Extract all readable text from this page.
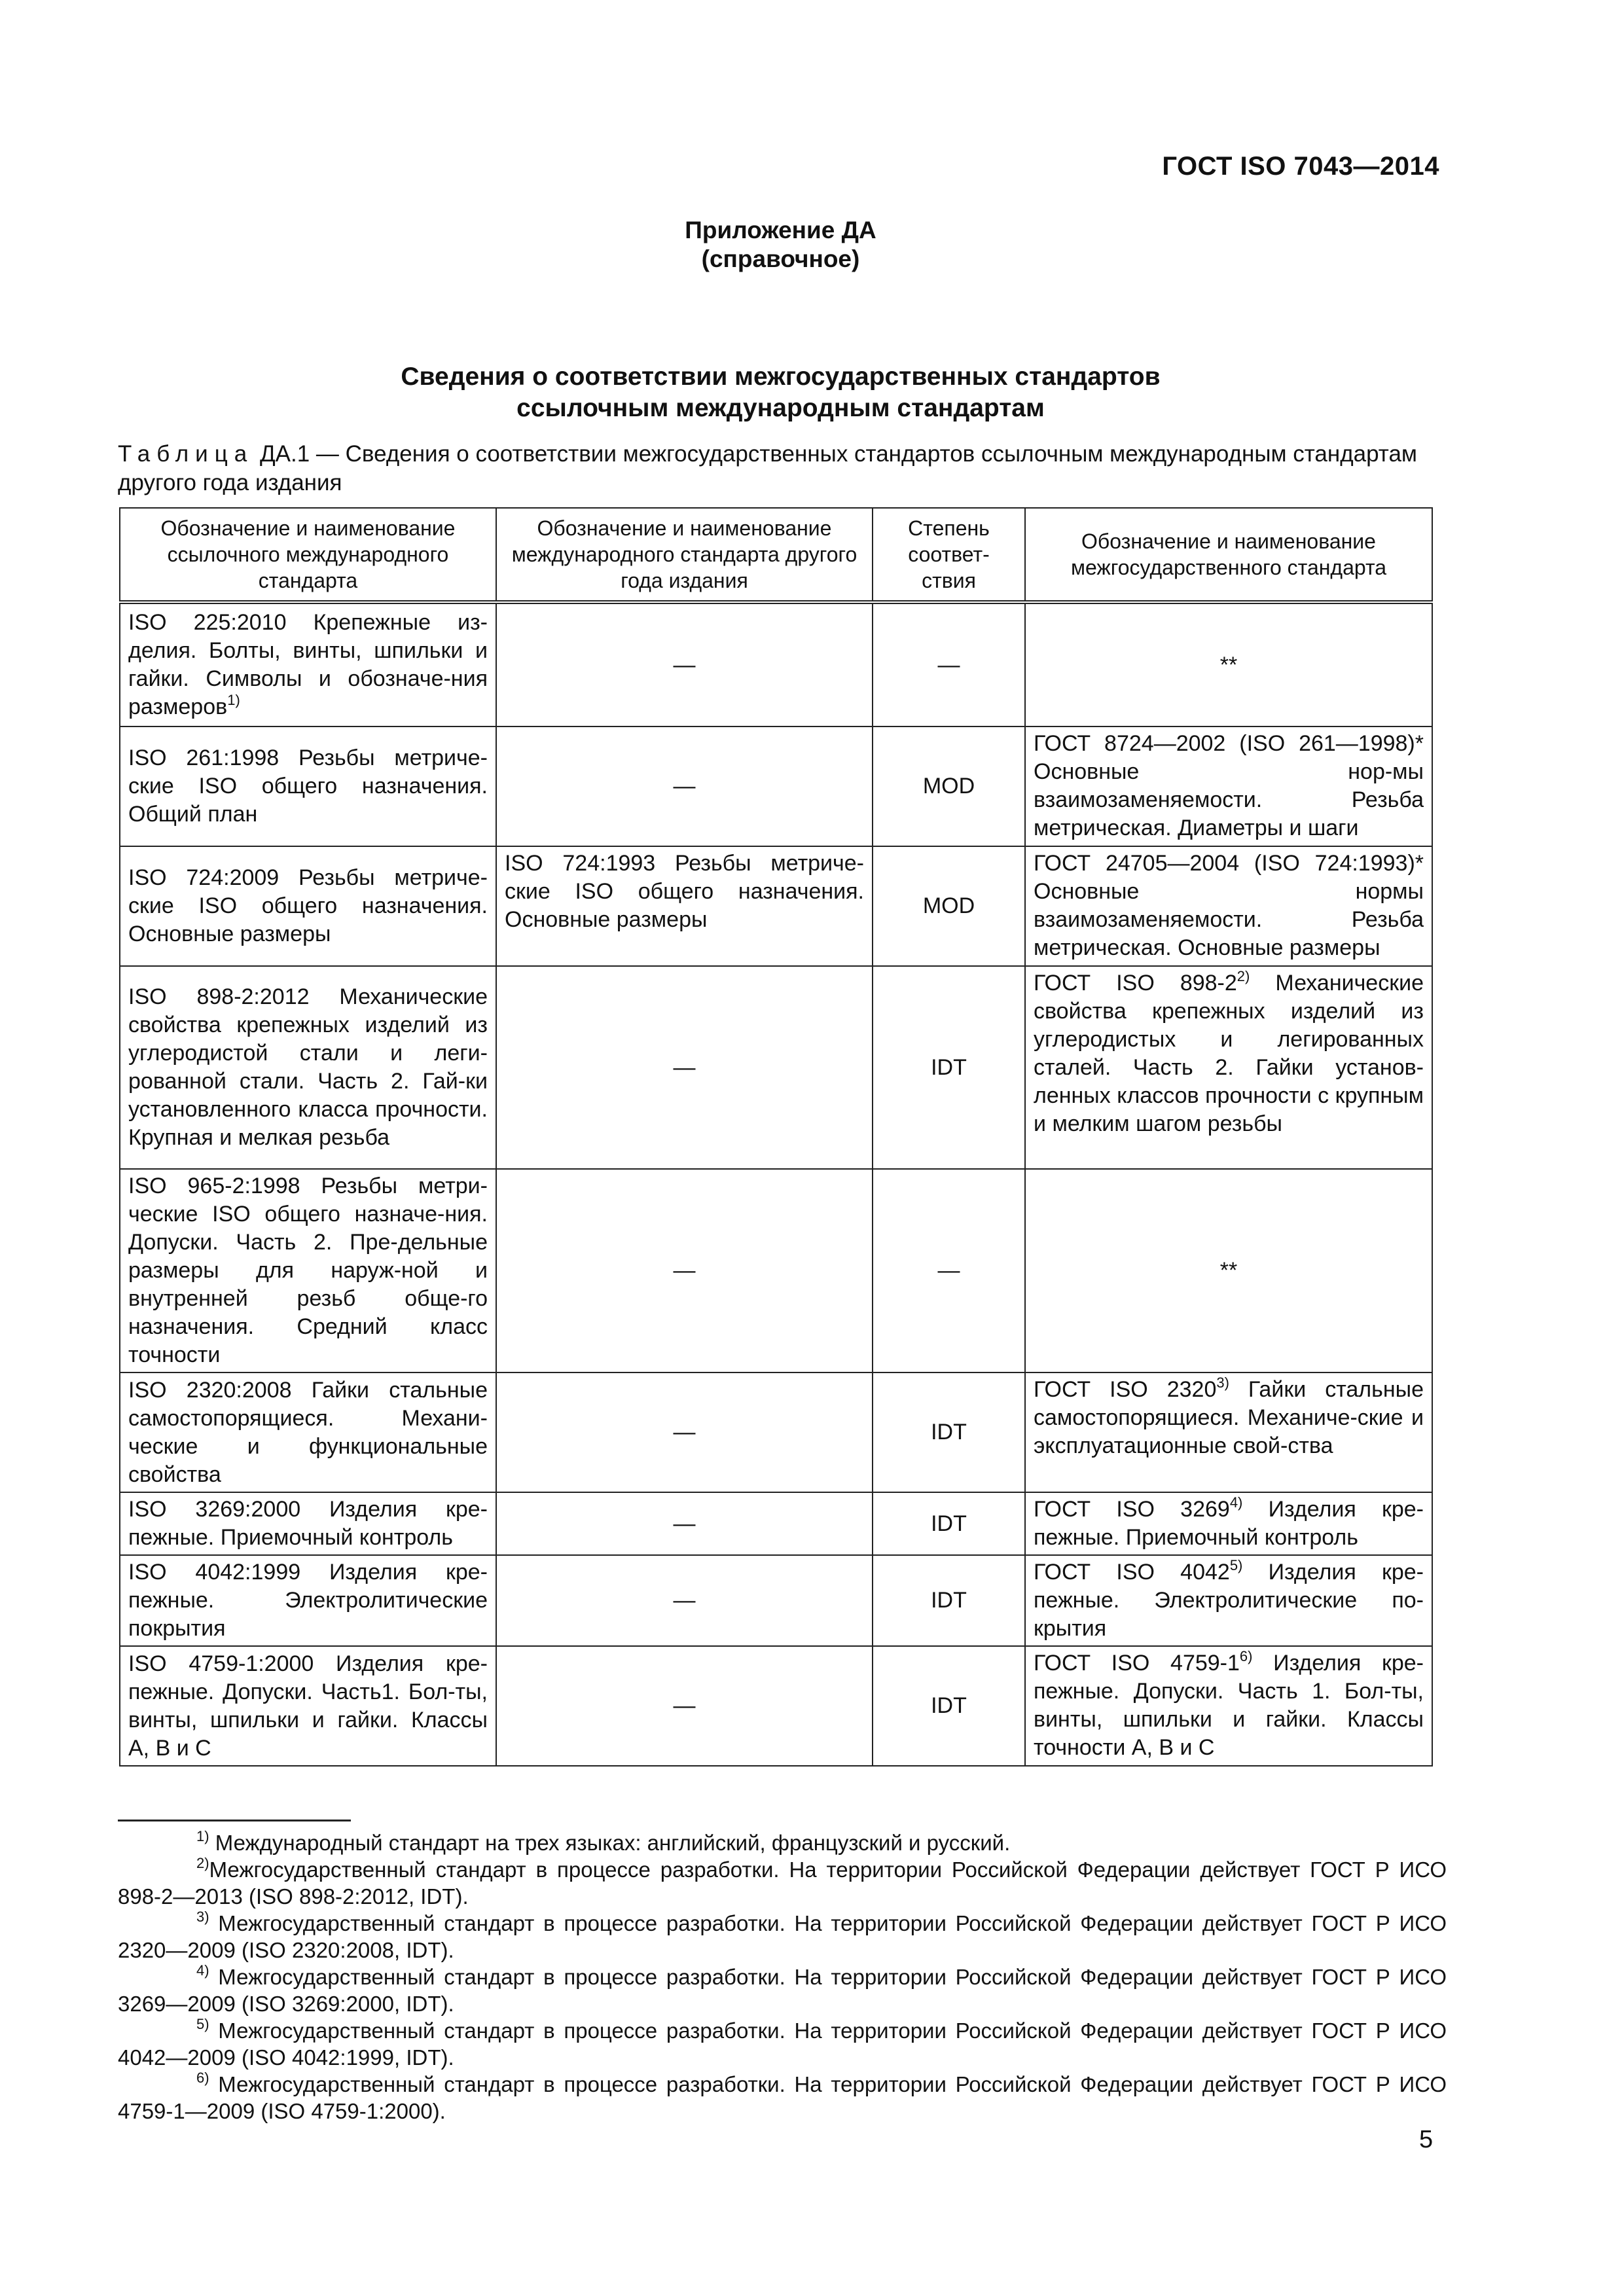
ГОСТ ISO 7043—2014
Приложение ДА
(справочное)
Сведения о соответствии межгосударственных стандартов
ссылочным международным стандартам
Таблица ДА.1 — Сведения о соответствии межгосударственных стандартов ссылочным международным стандартам другого года издания
Обозначение и наименование ссылочного международного стандарта	Обозначение и наименование международного стандарта другого года издания	Степень соответ-ствия	Обозначение и наименование межгосударственного стандарта
ISO 225:2010 Крепежные из-делия. Болты, винты, шпильки и гайки. Символы и обозначе-ния размеров$^{1)}$	—	—	**
ISO 261:1998 Резьбы метриче-ские ISO общего назначения. Общий план	—	MOD	ГОСТ 8724—2002 (ISO 261—1998)* Основные нор-мы взаимозаменяемости. Резьба метрическая. Диаметры и шаги
ISO 724:2009 Резьбы метриче-ские ISO общего назначения. Основные размеры	ISO 724:1993 Резьбы метриче-ские ISO общего назначения. Основные размеры	MOD	ГОСТ 24705—2004 (ISO 724:1993)* Основные нормы взаимозаменяемости. Резьба метрическая. Основные размеры
ISO 898-2:2012 Механические свойства крепежных изделий из углеродистой стали и леги-рованной стали. Часть 2. Гай-ки установленного класса прочности. Крупная и мелкая резьба	—	IDT	ГОСТ ISO 898-2$^{2)}$ Механические свойства крепежных изделий из углеродистых и легированных сталей. Часть 2. Гайки установ-ленных классов прочности с крупным и мелким шагом резьбы
ISO 965-2:1998 Резьбы метри-ческие ISO общего назначе-ния. Допуски. Часть 2. Пре-дельные размеры для наруж-ной и внутренней резьб обще-го назначения. Средний класс точности	—	—	**
ISO 2320:2008 Гайки стальные самостопорящиеся. Механи-ческие и функциональные свойства	—	IDT	ГОСТ ISO 2320$^{3)}$ Гайки стальные самостопорящиеся. Механиче-ские и эксплуатационные свой-ства
ISO 3269:2000 Изделия кре-пежные. Приемочный контроль	—	IDT	ГОСТ ISO 3269$^{4)}$ Изделия кре-пежные. Приемочный контроль
ISO 4042:1999 Изделия кре-пежные. Электролитические покрытия	—	IDT	ГОСТ ISO 4042$^{5)}$ Изделия кре-пежные. Электролитические по-крытия
ISO 4759-1:2000 Изделия кре-пежные. Допуски. Часть1. Бол-ты, винты, шпильки и гайки. Классы A, B и C	—	IDT	ГОСТ ISO 4759-1$^{6)}$ Изделия кре-пежные. Допуски. Часть 1. Бол-ты, винты, шпильки и гайки. Классы точности A, B и C

$^{1)}$ Международный стандарт на трех языках: английский, французский и русский.

$^{2)}$Межгосударственный стандарт в процессе разработки. На территории Российской Федерации действует ГОСТ Р ИСО 898-2—2013 (ISO 898-2:2012, IDT).

$^{3)}$ Межгосударственный стандарт в процессе разработки. На территории Российской Федерации действует ГОСТ Р ИСО 2320—2009 (ISO 2320:2008, IDT).

$^{4)}$ Межгосударственный стандарт в процессе разработки. На территории Российской Федерации действует ГОСТ Р ИСО 3269—2009 (ISO 3269:2000, IDT).

$^{5)}$ Межгосударственный стандарт в процессе разработки. На территории Российской Федерации действует ГОСТ Р ИСО 4042—2009 (ISO 4042:1999, IDT).

$^{6)}$ Межгосударственный стандарт в процессе разработки. На территории Российской Федерации действует ГОСТ Р ИСО 4759-1—2009 (ISO 4759-1:2000).

5
